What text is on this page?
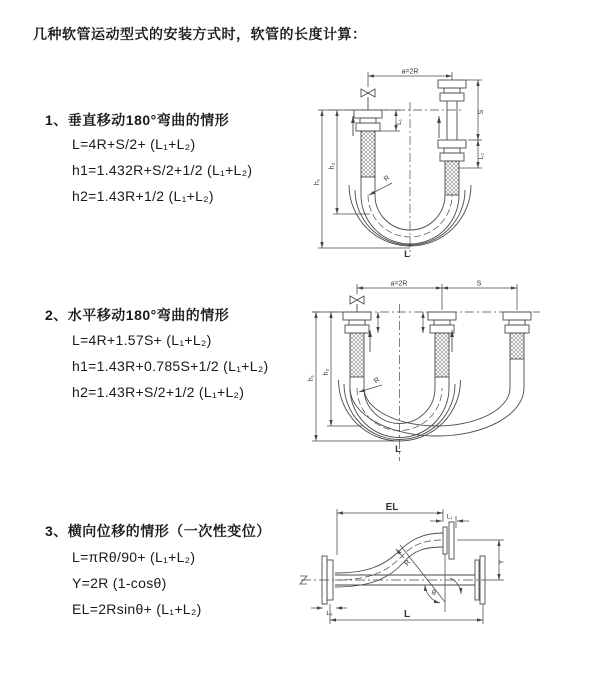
几种软管运动型式的安装方式时，软管的长度计算：
1、垂直移动180°弯曲的情形
L=4R+S/2+ (L₁+L₂)
h1=1.432R+S/2+1/2 (L₁+L₂)
h2=1.43R+1/2 (L₁+L₂)
2、水平移动180°弯曲的情形
L=4R+1.57S+ (L₁+L₂)
h1=1.43R+0.785S+1/2 (L₁+L₂)
h2=1.43R+S/2+1/2 (L₁+L₂)
3、横向位移的情形（一次性变位）
L=πRθ/90+ (L₁+L₂)
Y=2R (1-cosθ)
EL=2Rsinθ+ (L₁+L₂)
a=2R
S
L₂
L₁
h₁
h₂
R
L
a=2R	S
h₁
h₂
R
L
EL
L₁
Y
R
θ
L
L₂
